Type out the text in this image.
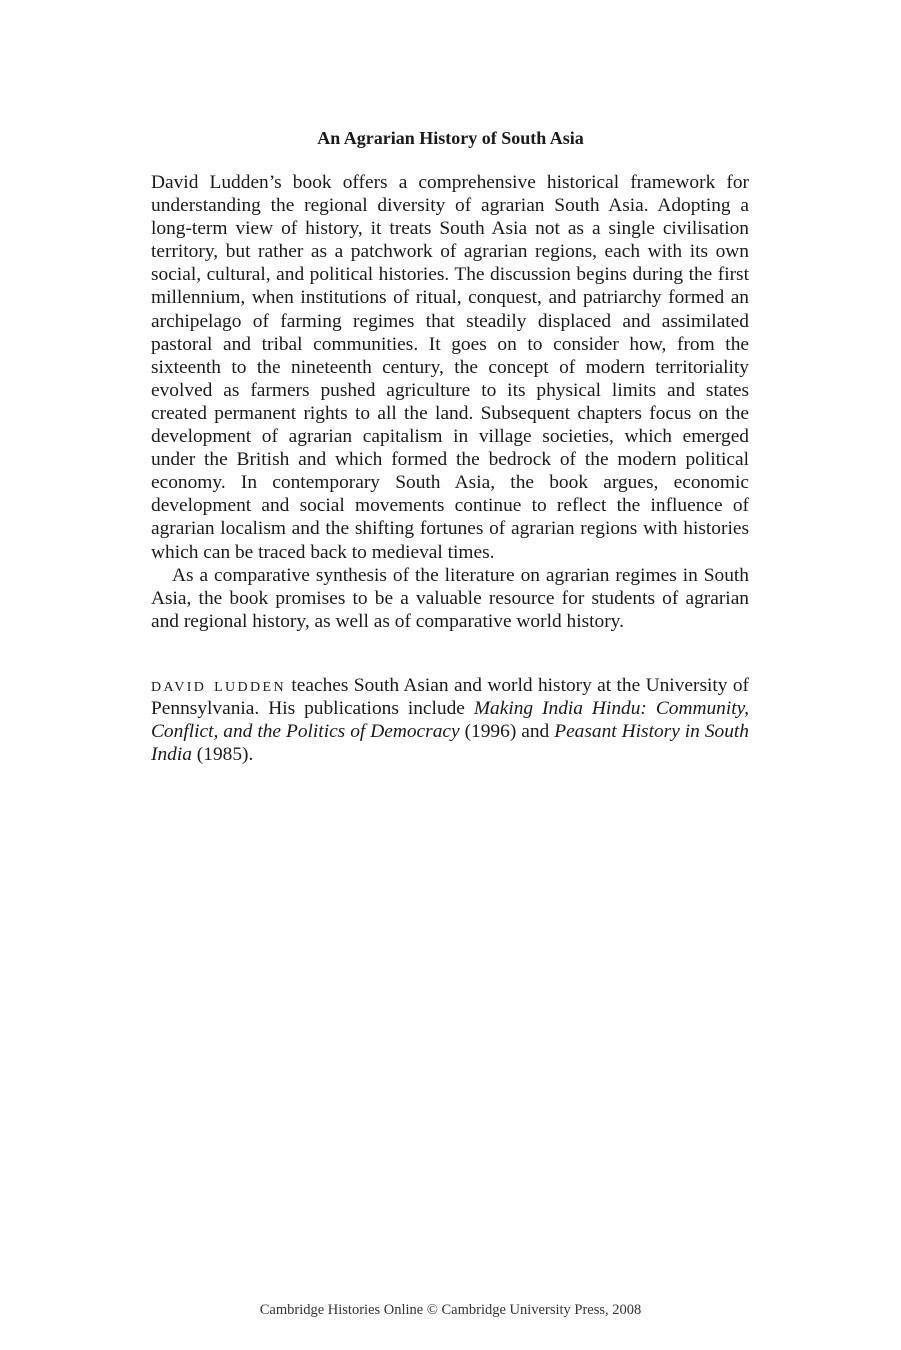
An Agrarian History of South Asia

David Ludden’s book offers a comprehensive historical framework for understanding the regional diversity of agrarian South Asia. Adopting a long-term view of history, it treats South Asia not as a single civilisation territory, but rather as a patchwork of agrarian regions, each with its own social, cultural, and political histories. The discussion begins during the first millennium, when institutions of ritual, conquest, and patriarchy formed an archipelago of farming regimes that steadily displaced and assimilated pastoral and tribal communities. It goes on to consider how, from the sixteenth to the nineteenth century, the concept of modern territoriality evolved as farmers pushed agriculture to its physical limits and states created permanent rights to all the land. Subsequent chapters focus on the development of agrarian capitalism in village societies, which emerged under the British and which formed the bedrock of the modern political economy. In contemporary South Asia, the book argues, economic development and social movements continue to reflect the influence of agrarian localism and the shifting fortunes of agrarian regions with histories which can be traced back to medieval times.

As a comparative synthesis of the literature on agrarian regimes in South Asia, the book promises to be a valuable resource for students of agrarian and regional history, as well as of comparative world history.

david ludden teaches South Asian and world history at the University of Pennsylvania. His publications include Making India Hindu: Community, Conflict, and the Politics of Democracy (1996) and Peasant History in South India (1985).

Cambridge Histories Online © Cambridge University Press, 2008
